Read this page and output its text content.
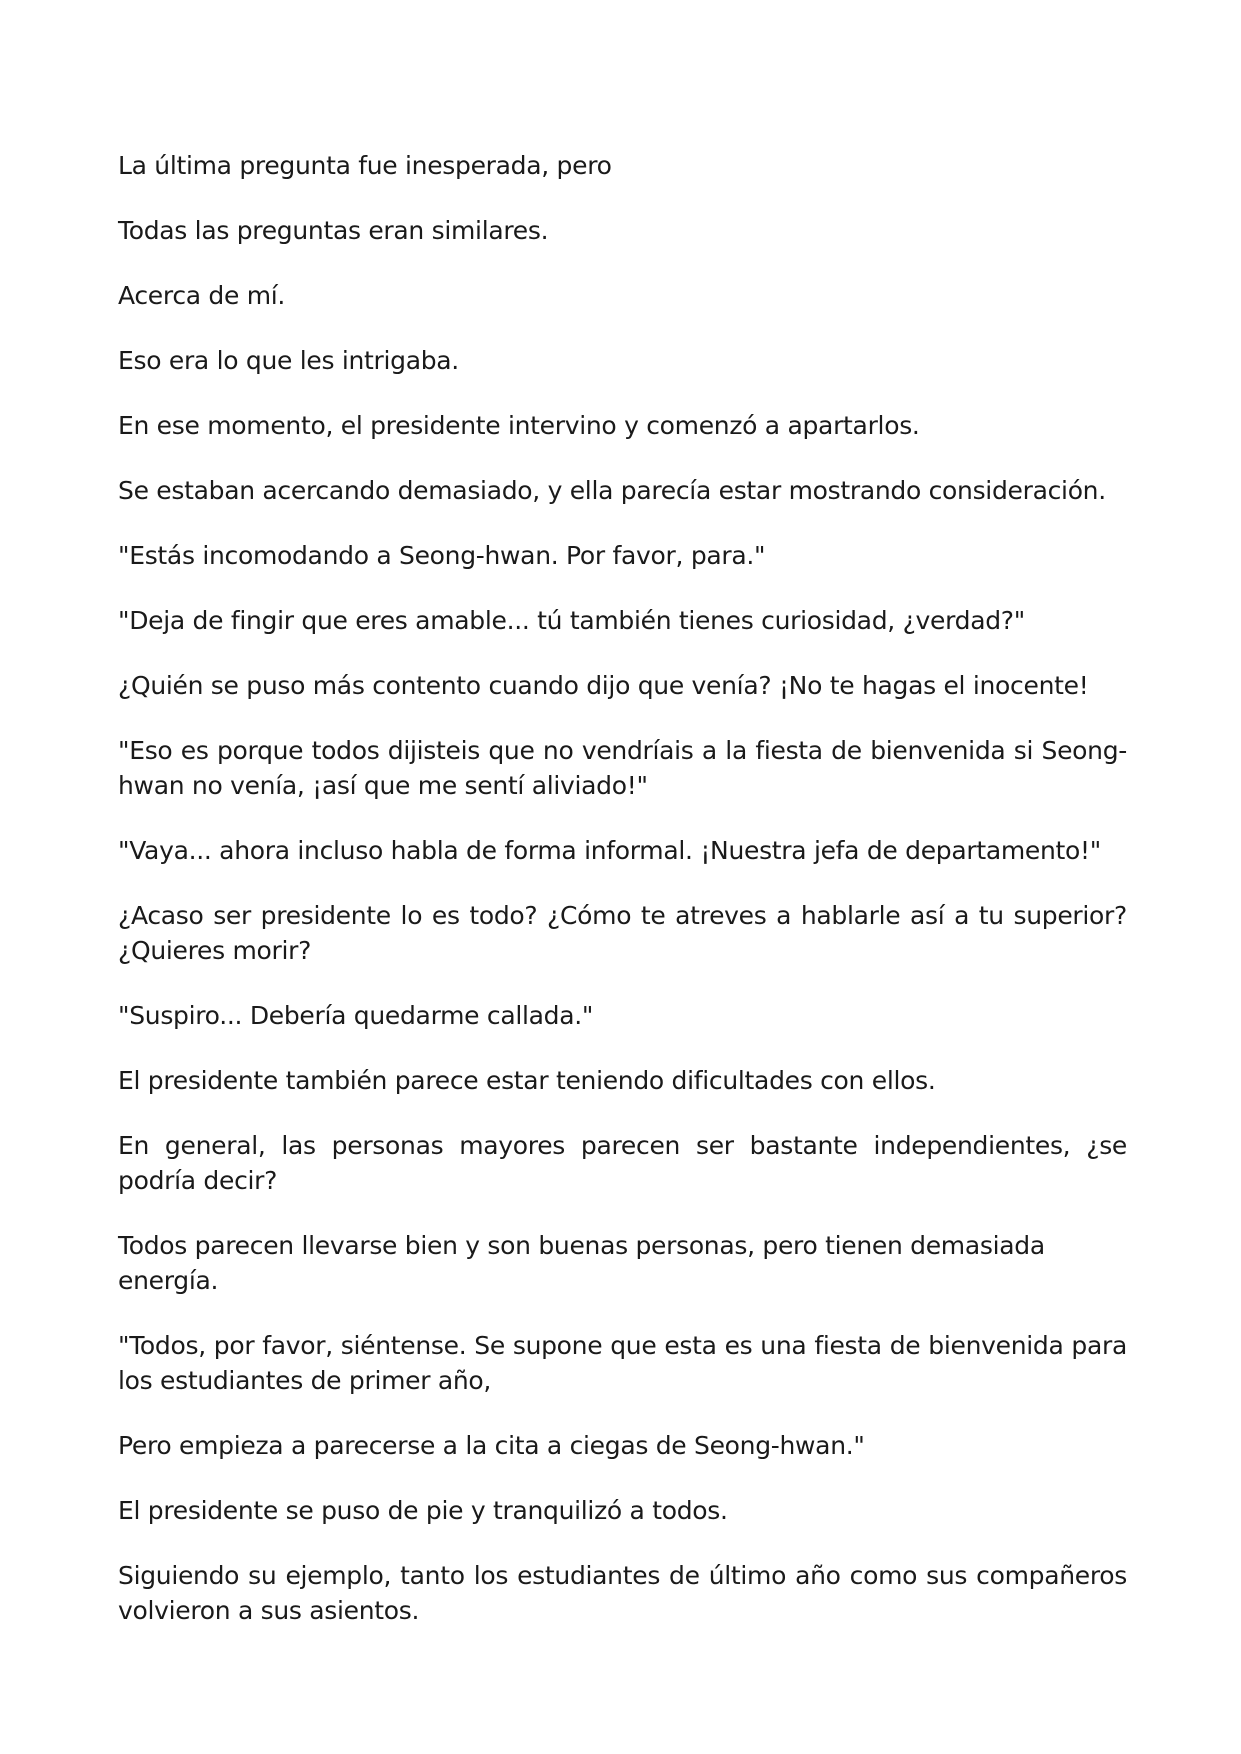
La última pregunta fue inesperada, pero

Todas las preguntas eran similares.

Acerca de mí.

Eso era lo que les intrigaba.

En ese momento, el presidente intervino y comenzó a apartarlos.

Se estaban acercando demasiado, y ella parecía estar mostrando consideración.

"Estás incomodando a Seong-hwan. Por favor, para."

"Deja de fingir que eres amable... tú también tienes curiosidad, ¿verdad?"

¿Quién se puso más contento cuando dijo que venía? ¡No te hagas el inocente!

"Eso es porque todos dijisteis que no vendríais a la fiesta de bienvenida si Seong-hwan no venía, ¡así que me sentí aliviado!"

"Vaya... ahora incluso habla de forma informal. ¡Nuestra jefa de departamento!"

¿Acaso ser presidente lo es todo? ¿Cómo te atreves a hablarle así a tu superior? ¿Quieres morir?

"Suspiro... Debería quedarme callada."

El presidente también parece estar teniendo dificultades con ellos.

En general, las personas mayores parecen ser bastante independientes, ¿se podría decir?

Todos parecen llevarse bien y son buenas personas, pero tienen demasiada energía.

"Todos, por favor, siéntense. Se supone que esta es una fiesta de bienvenida para los estudiantes de primer año,

Pero empieza a parecerse a la cita a ciegas de Seong-hwan."

El presidente se puso de pie y tranquilizó a todos.

Siguiendo su ejemplo, tanto los estudiantes de último año como sus compañeros volvieron a sus asientos.
